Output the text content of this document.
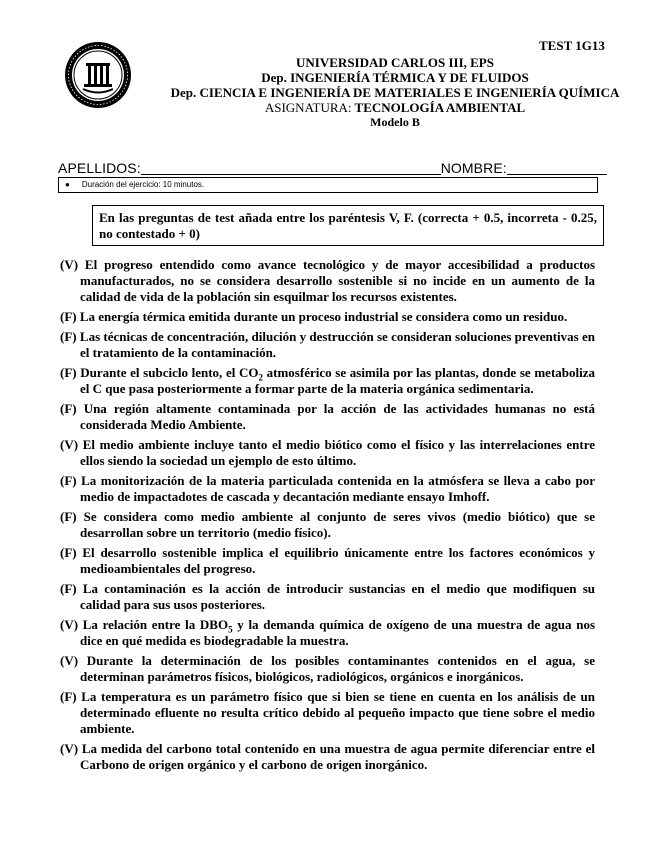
TEST 1G13
UNIVERSIDAD CARLOS III, EPS
Dep. INGENIERÍA TÉRMICA Y DE FLUIDOS
Dep. CIENCIA E INGENIERÍA DE MATERIALES E INGENIERÍA QUÍMICA
ASIGNATURA: TECNOLOGÍA AMBIENTAL
Modelo B
APELLIDOS:	NOMBRE:
● Duración del ejercicio: 10 minutos.
En las preguntas de test añada entre los paréntesis V, F. (correcta + 0.5, incorreta - 0.25, no contestado + 0)
(V) El progreso entendido como avance tecnológico y de mayor accesibilidad a productos manufacturados, no se considera desarrollo sostenible si no incide en un aumento de la calidad de vida de la población sin esquilmar los recursos existentes.
(F) La energía térmica emitida durante un proceso industrial se considera como un residuo.
(F) Las técnicas de concentración, dilución y destrucción se consideran soluciones preventivas en el tratamiento de la contaminación.
(F) Durante el subciclo lento, el $CO_2$ atmosférico se asimila por las plantas, donde se metaboliza el C que pasa posteriormente a formar parte de la materia orgánica sedimentaria.
(F) Una región altamente contaminada por la acción de las actividades humanas no está considerada Medio Ambiente.
(V) El medio ambiente incluye tanto el medio biótico como el físico y las interrelaciones entre ellos siendo la sociedad un ejemplo de esto último.
(F) La monitorización de la materia particulada contenida en la atmósfera se lleva a cabo por medio de impactadotes de cascada y decantación mediante ensayo Imhoff.
(F) Se considera como medio ambiente al conjunto de seres vivos (medio biótico) que se desarrollan sobre un territorio (medio físico).
(F) El desarrollo sostenible implica el equilibrio únicamente entre los factores económicos y medioambientales del progreso.
(F) La contaminación es la acción de introducir sustancias en el medio que modifiquen su calidad para sus usos posteriores.
(V) La relación entre la $DBO_5$ y la demanda química de oxígeno de una muestra de agua nos dice en qué medida es biodegradable la muestra.
(V) Durante la determinación de los posibles contaminantes contenidos en el agua, se determinan parámetros físicos, biológicos, radiológicos, orgánicos e inorgánicos.
(F) La temperatura es un parámetro físico que si bien se tiene en cuenta en los análisis de un determinado efluente no resulta crítico debido al pequeño impacto que tiene sobre el medio ambiente.
(V) La medida del carbono total contenido en una muestra de agua permite diferenciar entre el Carbono de origen orgánico y el carbono de origen inorgánico.
